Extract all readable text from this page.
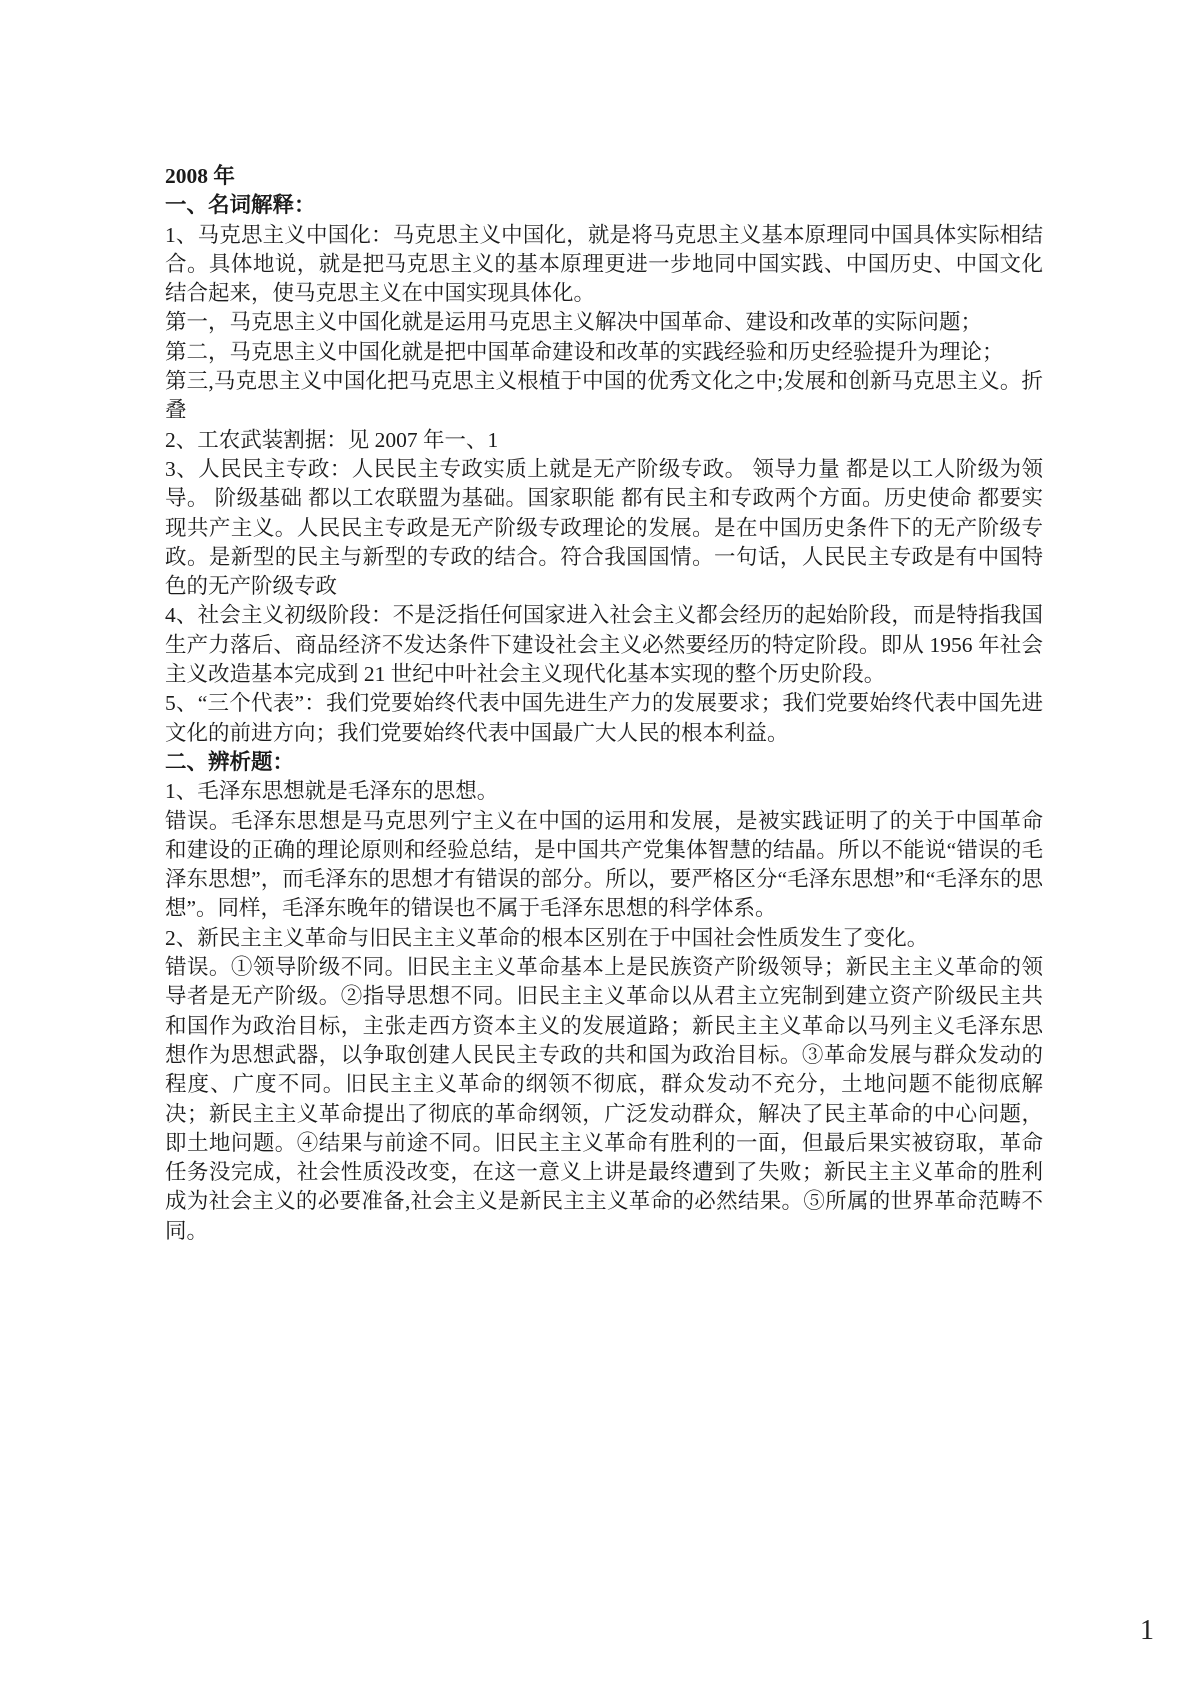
2008 年

一、名词解释：

1、马克思主义中国化：马克思主义中国化，就是将马克思主义基本原理同中国具体实际相结合。具体地说，就是把马克思主义的基本原理更进一步地同中国实践、中国历史、中国文化结合起来，使马克思主义在中国实现具体化。

第一，马克思主义中国化就是运用马克思主义解决中国革命、建设和改革的实际问题；

第二，马克思主义中国化就是把中国革命建设和改革的实践经验和历史经验提升为理论；

第三,马克思主义中国化把马克思主义根植于中国的优秀文化之中;发展和创新马克思主义。折叠

2、工农武装割据：见 2007 年一、1

3、人民民主专政：人民民主专政实质上就是无产阶级专政。 领导力量 都是以工人阶级为领导。 阶级基础 都以工农联盟为基础。国家职能 都有民主和专政两个方面。历史使命 都要实现共产主义。人民民主专政是无产阶级专政理论的发展。是在中国历史条件下的无产阶级专政。是新型的民主与新型的专政的结合。符合我国国情。一句话，人民民主专政是有中国特色的无产阶级专政

4、社会主义初级阶段：不是泛指任何国家进入社会主义都会经历的起始阶段，而是特指我国生产力落后、商品经济不发达条件下建设社会主义必然要经历的特定阶段。即从 1956 年社会主义改造基本完成到 21 世纪中叶社会主义现代化基本实现的整个历史阶段。

5、“三个代表”：我们党要始终代表中国先进生产力的发展要求；我们党要始终代表中国先进文化的前进方向；我们党要始终代表中国最广大人民的根本利益。

二、辨析题：

1、毛泽东思想就是毛泽东的思想。

错误。毛泽东思想是马克思列宁主义在中国的运用和发展，是被实践证明了的关于中国革命和建设的正确的理论原则和经验总结，是中国共产党集体智慧的结晶。所以不能说“错误的毛泽东思想”，而毛泽东的思想才有错误的部分。所以，要严格区分“毛泽东思想”和“毛泽东的思想”。同样，毛泽东晚年的错误也不属于毛泽东思想的科学体系。

2、新民主主义革命与旧民主主义革命的根本区别在于中国社会性质发生了变化。

错误。①领导阶级不同。旧民主主义革命基本上是民族资产阶级领导；新民主主义革命的领导者是无产阶级。②指导思想不同。旧民主主义革命以从君主立宪制到建立资产阶级民主共和国作为政治目标，主张走西方资本主义的发展道路；新民主主义革命以马列主义毛泽东思想作为思想武器，以争取创建人民民主专政的共和国为政治目标。③革命发展与群众发动的程度、广度不同。旧民主主义革命的纲领不彻底，群众发动不充分，土地问题不能彻底解决；新民主主义革命提出了彻底的革命纲领，广泛发动群众，解决了民主革命的中心问题，即土地问题。④结果与前途不同。旧民主主义革命有胜利的一面，但最后果实被窃取，革命任务没完成，社会性质没改变，在这一意义上讲是最终遭到了失败；新民主主义革命的胜利成为社会主义的必要准备,社会主义是新民主主义革命的必然结果。⑤所属的世界革命范畴不同。

1
